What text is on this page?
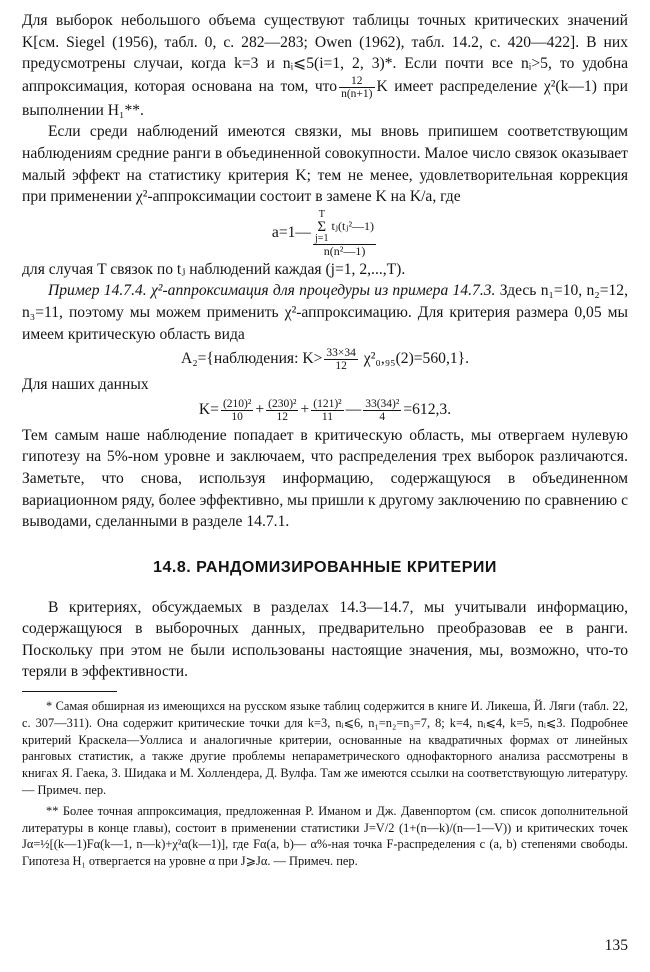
Для выборок небольшого объема существуют таблицы точных критических значений K[см. Siegel (1956), табл. 0, с. 282—283; Owen (1962), табл. 14.2, с. 420—422]. В них предусмотрены случаи, когда k=3 и nᵢ⩽5(i=1, 2, 3)*. Если почти все nᵢ>5, то удобна аппроксимация, которая основана на том, что $\frac{12}{n(n+1)}$ K имеет распределение χ²(k—1) при выполнении H₁**.

Если среди наблюдений имеются связки, мы вновь припишем соответствующим наблюдениям средние ранги в объединенной совокупности. Малое число связок оказывает малый эффект на статистику критерия K; тем не менее, удовлетворительная коррекция при применении χ²-аппроксимации состоит в замене K на K/a, где

a=1— T
Σ
j=1 tⱼ(tⱼ²—1)
n(n²—1)

для случая T связок по tⱼ наблюдений каждая (j=1, 2,...,T).

Пример 14.7.4. χ²-аппроксимация для процедуры из примера 14.7.3. Здесь n₁=10, n₂=12, n₃=11, поэтому мы можем применить χ²-аппроксимацию. Для критерия размера 0,05 мы имеем критическую область вида

A₂={наблюдения: $K> \frac{33\times 34}{12} \chi^2_0,_{95}(2)=560,1$}.

Для наших данных

$K= \frac{\text{(210)²}}{10} + \frac{\text{(230)²}}{12} + \frac{\text{(121)²}}{11}$ — $\frac{\text{33(34)²}}{4} =612,3$.

Тем самым наше наблюдение попадает в критическую область, мы отвергаем нулевую гипотезу на 5%-ном уровне и заключаем, что распределения трех выборок различаются. Заметьте, что снова, используя информацию, содержащуюся в объединенном вариационном ряду, более эффективно, мы пришли к другому заключению по сравнению с выводами, сделанными в разделе 14.7.1.

14.8. РАНДОМИЗИРОВАННЫЕ КРИТЕРИИ

В критериях, обсуждаемых в разделах 14.3—14.7, мы учитывали информацию, содержащуюся в выборочных данных, предварительно преобразовав ее в ранги. Поскольку при этом не были использованы настоящие значения, мы, возможно, что-то теряли в эффективности.

* Самая обширная из имеющихся на русском языке таблиц содержится в книге И. Ликеша, Й. Ляги (табл. 22, с. 307—311). Она содержит критические точки для k=3, nᵢ⩽6, n₁=n₂=n₃=7, 8; k=4, nᵢ⩽4, k=5, nᵢ⩽3. Подробнее критерий Краскела—Уоллиса и аналогичные критерии, основанные на квадратичных формах от линейных ранговых статистик, а также другие проблемы непараметрического однофакторного анализа рассмотрены в книгах Я. Гаека, З. Шидака и М. Холлендера, Д. Вулфа. Там же имеются ссылки на соответствующую литературу. — Примеч. пер.

** Более точная аппроксимация, предложенная Р. Иманом и Дж. Давенпортом (см. список дополнительной литературы в конце главы), состоит в применении статистики J=V/2 (1+(n—k)/(n—1—V)) и критических точек Jα=½[(k—1)Fα(k—1, n—k)+χ²α(k—1)], где Fα(a, b)— α%-ная точка F-распределения с (a, b) степенями свободы. Гипотеза H₁ отвергается на уровне α при J⩾Jα. — Примеч. пер.

135
